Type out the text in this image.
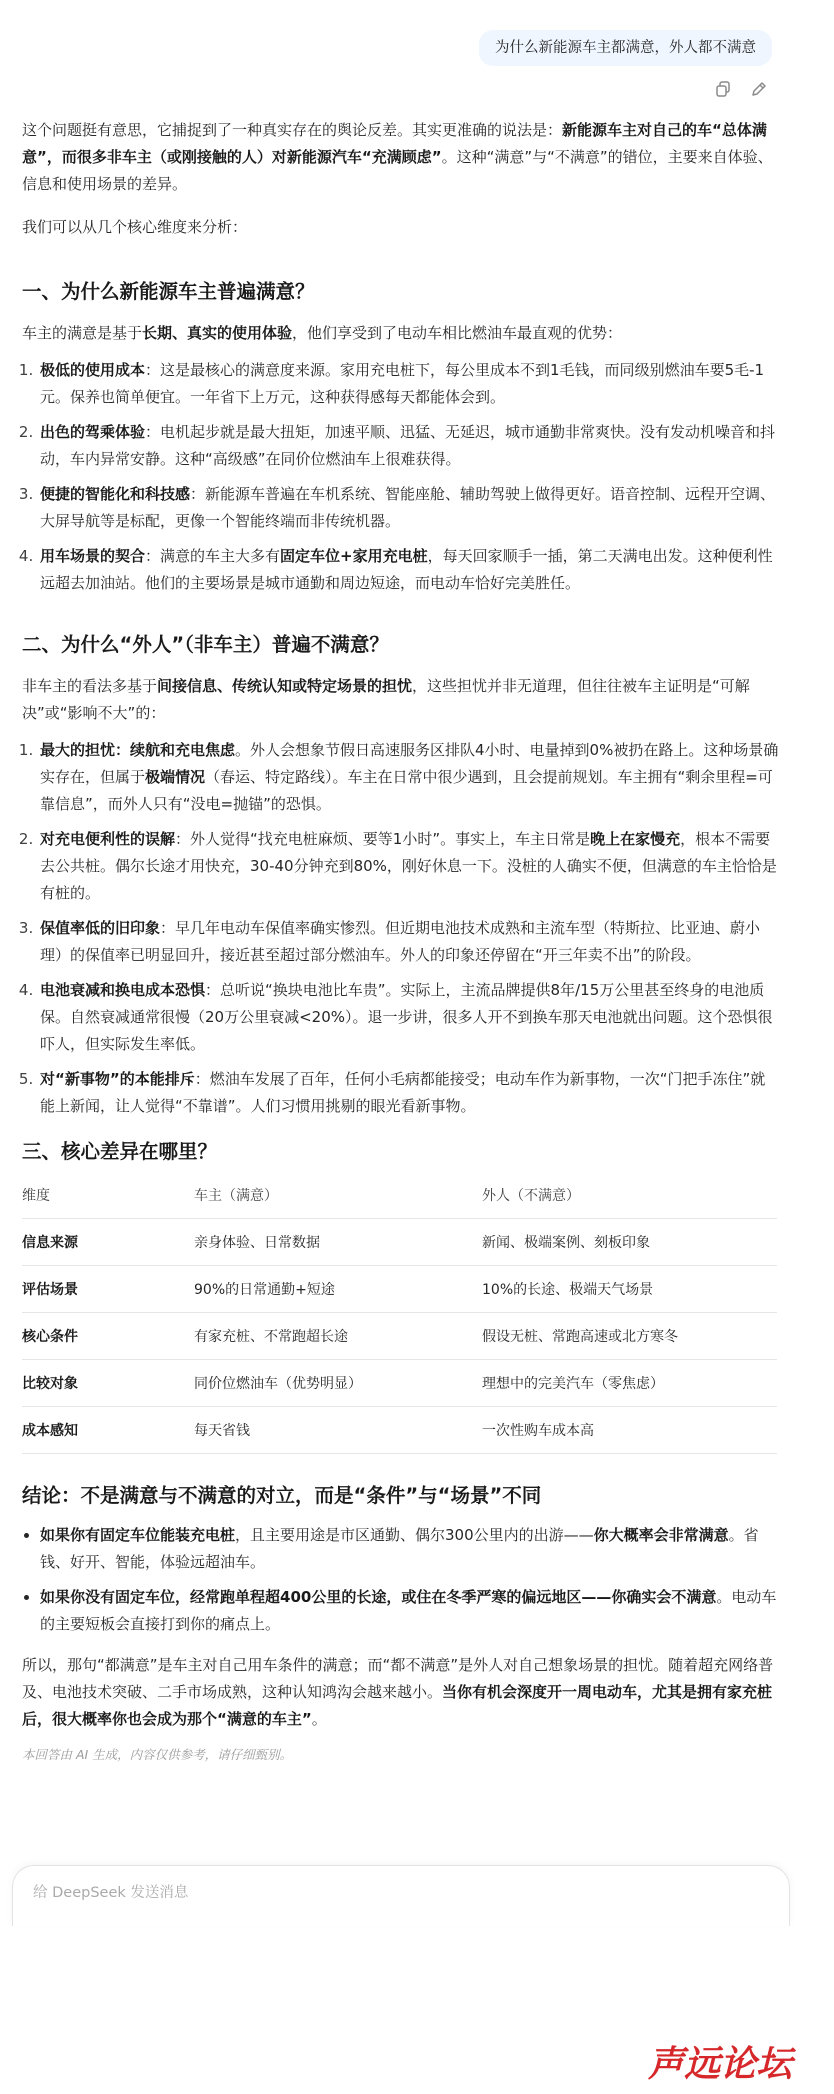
为什么新能源车主都满意，外人都不满意

这个问题挺有意思，它捕捉到了一种真实存在的舆论反差。其实更准确的说法是：新能源车主对自己的车“总体满意”，而很多非车主（或刚接触的人）对新能源汽车“充满顾虑”。这种“满意”与“不满意”的错位，主要来自体验、信息和使用场景的差异。

我们可以从几个核心维度来分析：

一、为什么新能源车主普遍满意？

车主的满意是基于长期、真实的使用体验，他们享受到了电动车相比燃油车最直观的优势：

1. 极低的使用成本：这是最核心的满意度来源。家用充电桩下，每公里成本不到1毛钱，而同级别燃油车要5毛-1元。保养也简单便宜。一年省下上万元，这种获得感每天都能体会到。
2. 出色的驾乘体验：电机起步就是最大扭矩，加速平顺、迅猛、无延迟，城市通勤非常爽快。没有发动机噪音和抖动，车内异常安静。这种“高级感”在同价位燃油车上很难获得。
3. 便捷的智能化和科技感：新能源车普遍在车机系统、智能座舱、辅助驾驶上做得更好。语音控制、远程开空调、大屏导航等是标配，更像一个智能终端而非传统机器。
4. 用车场景的契合：满意的车主大多有固定车位+家用充电桩，每天回家顺手一插，第二天满电出发。这种便利性远超去加油站。他们的主要场景是城市通勤和周边短途，而电动车恰好完美胜任。
二、为什么“外人”（非车主）普遍不满意？

非车主的看法多基于间接信息、传统认知或特定场景的担忧，这些担忧并非无道理，但往往被车主证明是“可解决”或“影响不大”的：

1. 最大的担忧：续航和充电焦虑。外人会想象节假日高速服务区排队4小时、电量掉到0%被扔在路上。这种场景确实存在，但属于极端情况（春运、特定路线）。车主在日常中很少遇到，且会提前规划。车主拥有“剩余里程=可靠信息”，而外人只有“没电=抛锚”的恐惧。
2. 对充电便利性的误解：外人觉得“找充电桩麻烦、要等1小时”。事实上，车主日常是晚上在家慢充，根本不需要去公共桩。偶尔长途才用快充，30-40分钟充到80%，刚好休息一下。没桩的人确实不便，但满意的车主恰恰是有桩的。
3. 保值率低的旧印象：早几年电动车保值率确实惨烈。但近期电池技术成熟和主流车型（特斯拉、比亚迪、蔚小理）的保值率已明显回升，接近甚至超过部分燃油车。外人的印象还停留在“开三年卖不出”的阶段。
4. 电池衰减和换电成本恐惧：总听说“换块电池比车贵”。实际上，主流品牌提供8年/15万公里甚至终身的电池质保。自然衰减通常很慢（20万公里衰减<20%）。退一步讲，很多人开不到换车那天电池就出问题。这个恐惧很吓人，但实际发生率低。
5. 对“新事物”的本能排斥：燃油车发展了百年，任何小毛病都能接受；电动车作为新事物，一次“门把手冻住”就能上新闻，让人觉得“不靠谱”。人们习惯用挑剔的眼光看新事物。
三、核心差异在哪里？
维度	车主（满意）	外人（不满意）
信息来源	亲身体验、日常数据	新闻、极端案例、刻板印象
评估场景	90%的日常通勤+短途	10%的长途、极端天气场景
核心条件	有家充桩、不常跑超长途	假设无桩、常跑高速或北方寒冬
比较对象	同价位燃油车（优势明显）	理想中的完美汽车（零焦虑）
成本感知	每天省钱	一次性购车成本高
结论：不是满意与不满意的对立，而是“条件”与“场景”不同
• 如果你有固定车位能装充电桩，且主要用途是市区通勤、偶尔300公里内的出游——你大概率会非常满意。省钱、好开、智能，体验远超油车。
• 如果你没有固定车位，经常跑单程超400公里的长途，或住在冬季严寒的偏远地区——你确实会不满意。电动车的主要短板会直接打到你的痛点上。

所以，那句“都满意”是车主对自己用车条件的满意；而“都不满意”是外人对自己想象场景的担忧。随着超充网络普及、电池技术突破、二手市场成熟，这种认知鸿沟会越来越小。当你有机会深度开一周电动车，尤其是拥有家充桩后，很大概率你也会成为那个“满意的车主”。

本回答由 AI 生成，内容仅供参考，请仔细甄别。

给 DeepSeek 发送消息
声远论坛
